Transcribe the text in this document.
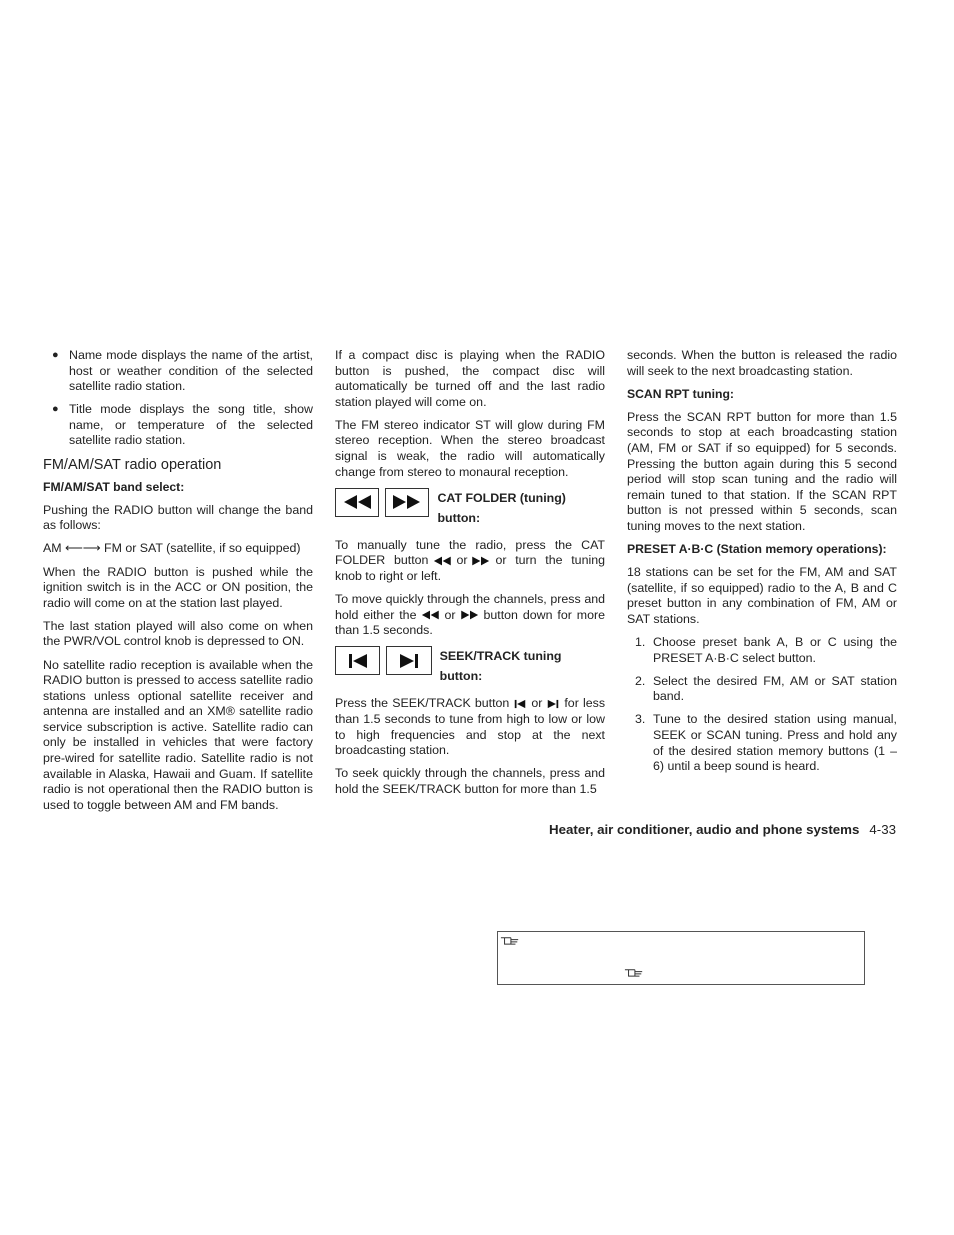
● Name mode displays the name of the artist, host or weather condition of the selected satellite radio station.
● Title mode displays the song title, show name, or temperature of the selected satellite radio station.
FM/AM/SAT radio operation
FM/AM/SAT band select:

Pushing the RADIO button will change the band as follows:

AM ⟵⟶ FM or SAT (satellite, if so equipped)

When the RADIO button is pushed while the ignition switch is in the ACC or ON position, the radio will come on at the station last played.

The last station played will also come on when the PWR/VOL control knob is depressed to ON.

No satellite radio reception is available when the RADIO button is pressed to access satellite radio stations unless optional satellite receiver and antenna are installed and an XM® satellite radio service subscription is active. Satellite radio can only be installed in vehicles that were factory pre-wired for satellite radio. Satellite radio is not available in Alaska, Hawaii and Guam. If satellite radio is not operational then the RADIO button is used to toggle between AM and FM bands.

If a compact disc is playing when the RADIO button is pushed, the compact disc will automatically be turned off and the last radio station played will come on.

The FM stereo indicator ST will glow during FM stereo reception. When the stereo broadcast signal is weak, the radio will automatically change from stereo to monaural reception.

CAT FOLDER (tuning) button:

To manually tune the radio, press the CAT FOLDER button or or turn the tuning knob to right or left.

To move quickly through the channels, press and hold either the or button down for more than 1.5 seconds.

SEEK/TRACK tuning button:

Press the SEEK/TRACK button or for less than 1.5 seconds to tune from high to low or low to high frequencies and stop at the next broadcasting station.

To seek quickly through the channels, press and hold the SEEK/TRACK button for more than 1.5

seconds. When the button is released the radio will seek to the next broadcasting station.

SCAN RPT tuning:

Press the SCAN RPT button for more than 1.5 seconds to stop at each broadcasting station (AM, FM or SAT if so equipped) for 5 seconds. Pressing the button again during this 5 second period will stop scan tuning and the radio will remain tuned to that station. If the SCAN RPT button is not pressed within 5 seconds, scan tuning moves to the next station.

PRESET A·B·C (Station memory operations):

18 stations can be set for the FM, AM and SAT (satellite, if so equipped) radio to the A, B and C preset button in any combination of FM, AM or SAT stations.

1. Choose preset bank A, B or C using the PRESET A·B·C select button.
2. Select the desired FM, AM or SAT station band.
3. Tune to the desired station using manual, SEEK or SCAN tuning. Press and hold any of the desired station memory buttons (1 – 6) until a beep sound is heard.
Heater, air conditioner, audio and phone systems 4-33
